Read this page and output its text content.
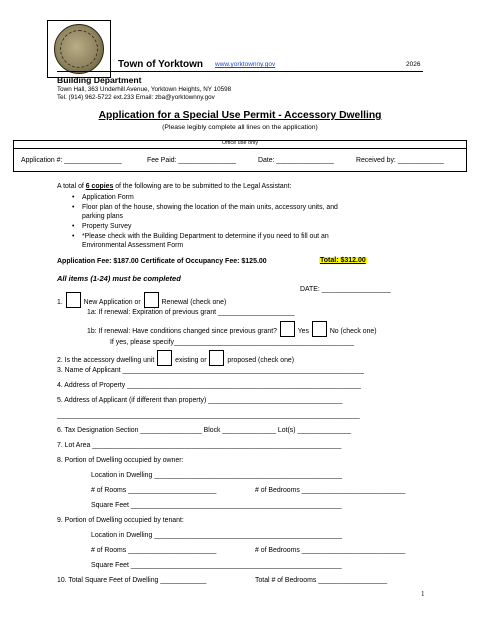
Town of Yorktown www.yorktownny.gov	2026
Building Department
Town Hall, 363 Underhill Avenue, Yorktown Heights, NY 10598
Tel. (914) 962-5722 ext.233 Email: zba@yorktownny.gov
Application for a Special Use Permit - Accessory Dwelling
(Please legibly complete all lines on the application)
Office use only
Application #: _______________	Fee Paid: _______________	Date: _______________	Received by: ____________
A total of 6 copies of the following are to be submitted to the Legal Assistant:
• Application Form
• Floor plan of the house, showing the location of the main units, accessory units, and
parking plans
• Property Survey
• *Please check with the Building Department to determine if you need to fill out an
Environmental Assessment Form
Application Fee: $187.00 Certificate of Occupancy Fee: $125.00	Total: $312.00
All items (1-24) must be completed
DATE: __________________
1.	New Application or	Renewal (check one)
1a: If renewal: Expiration of previous grant ____________________
1b: If renewal: Have conditions changed since previous grant?	Yes	No (check one)
If yes, please specify_______________________________________________
2. Is the accessory dwelling unit	existing or	proposed (check one)
3. Name of Applicant _______________________________________________________________
4. Address of Property _____________________________________________________________
5. Address of Applicant (if different than property) ___________________________________
_______________________________________________________________________________
6. Tax Designation Section ________________ Block ______________ Lot(s) ______________
7. Lot Area _________________________________________________________________
8. Portion of Dwelling occupied by owner:
Location in Dwelling _________________________________________________
# of Rooms _______________________	# of Bedrooms ___________________________
Square Feet _______________________________________________________
9. Portion of Dwelling occupied by tenant:
Location in Dwelling _________________________________________________
# of Rooms _______________________	# of Bedrooms ___________________________
Square Feet _______________________________________________________
10. Total Square Feet of Dwelling ____________	Total # of Bedrooms __________________
1
